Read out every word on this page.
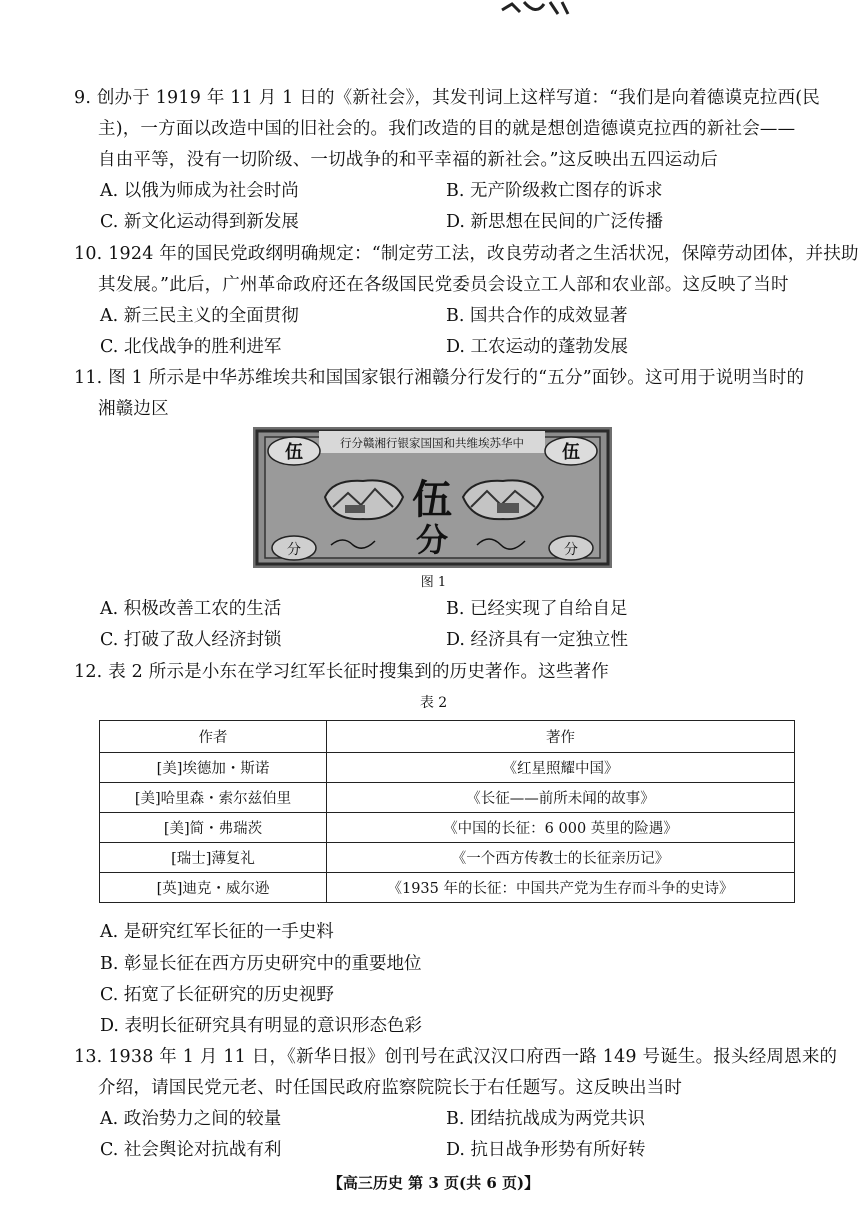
9. 创办于 1919 年 11 月 1 日的《新社会》，其发刊词上这样写道：“我们是向着德谟克拉西(民
主)，一方面以改造中国的旧社会的。我们改造的目的就是想创造德谟克拉西的新社会——
自由平等，没有一切阶级、一切战争的和平幸福的新社会。”这反映出五四运动后
A. 以俄为师成为社会时尚	B. 无产阶级救亡图存的诉求
C. 新文化运动得到新发展	D. 新思想在民间的广泛传播
10. 1924 年的国民党政纲明确规定：“制定劳工法，改良劳动者之生活状况，保障劳动团体，并扶助
其发展。”此后，广州革命政府还在各级国民党委员会设立工人部和农业部。这反映了当时
A. 新三民主义的全面贯彻	B. 国共合作的成效显著
C. 北伐战争的胜利进军	D. 工农运动的蓬勃发展
11. 图 1 所示是中华苏维埃共和国国家银行湘赣分行发行的“五分”面钞。这可用于说明当时的
湘赣边区
行分赣湘行银家国国和共维埃苏华中
伍	伍
分	分
伍
分
图 1
A. 积极改善工农的生活	B. 已经实现了自给自足
C. 打破了敌人经济封锁	D. 经济具有一定独立性
12. 表 2 所示是小东在学习红军长征时搜集到的历史著作。这些著作
表 2
作者	著作
[美]埃德加・斯诺	《红星照耀中国》
[美]哈里森・索尔兹伯里	《长征——前所未闻的故事》
[美]简・弗瑞茨	《中国的长征：6 000 英里的险遇》
[瑞士]薄复礼	《一个西方传教士的长征亲历记》
[英]迪克・威尔逊	《1935 年的长征：中国共产党为生存而斗争的史诗》
A. 是研究红军长征的一手史料
B. 彰显长征在西方历史研究中的重要地位
C. 拓宽了长征研究的历史视野
D. 表明长征研究具有明显的意识形态色彩
13. 1938 年 1 月 11 日，《新华日报》创刊号在武汉汉口府西一路 149 号诞生。报头经周恩来的
介绍，请国民党元老、时任国民政府监察院院长于右任题写。这反映出当时
A. 政治势力之间的较量	B. 团结抗战成为两党共识
C. 社会舆论对抗战有利	D. 抗日战争形势有所好转
【高三历史 第 3 页(共 6 页)】
